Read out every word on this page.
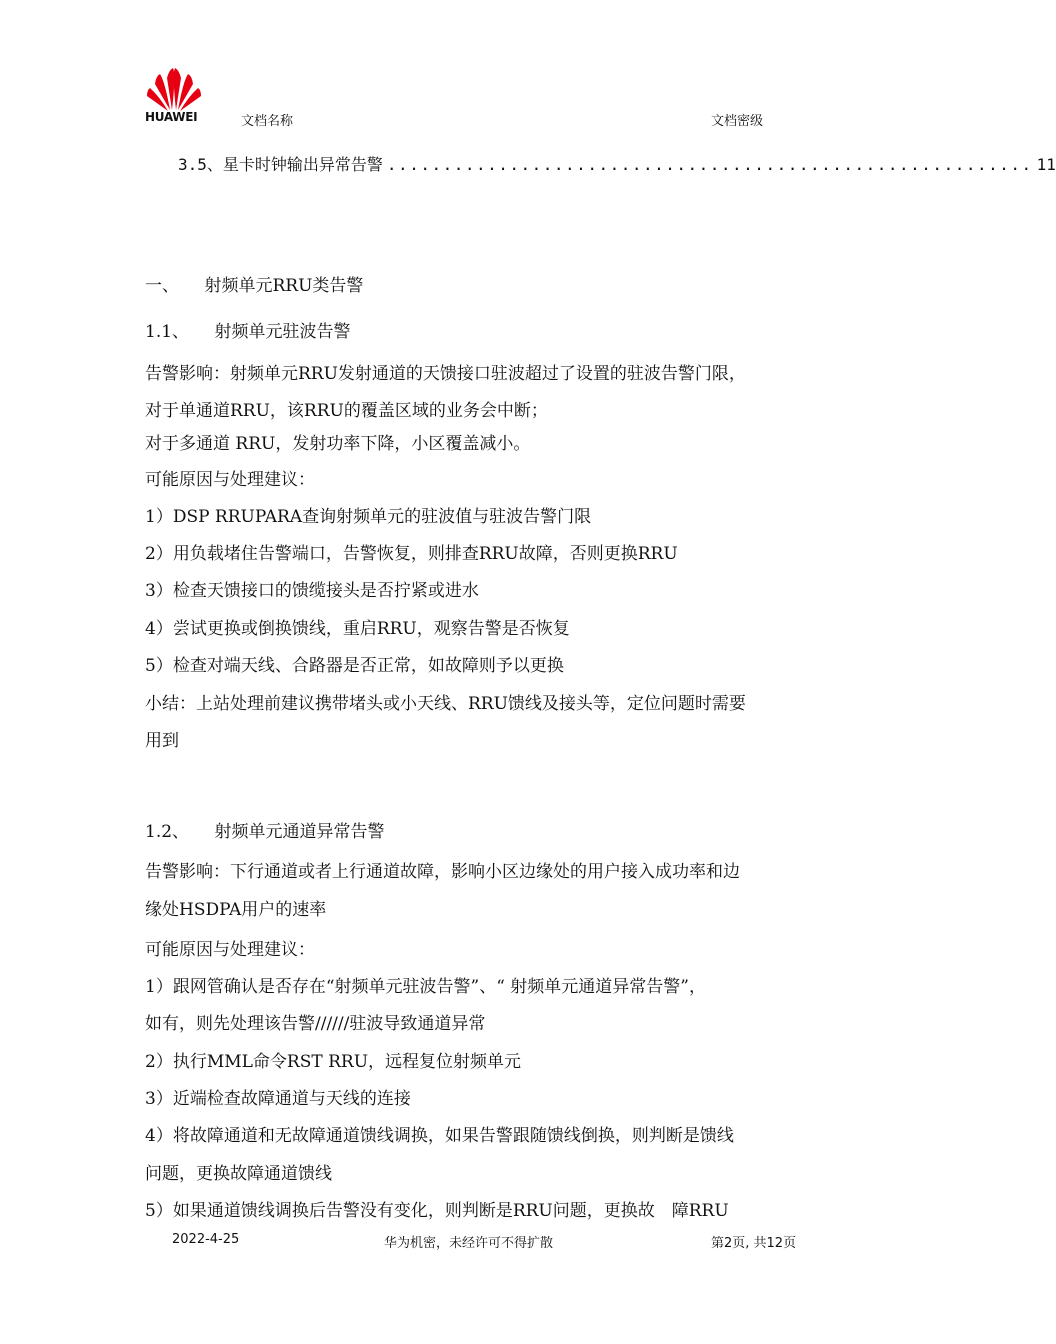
HUAWEI	文档名称	文档密级
3.5、 星卡时钟输出异常告警 .......................................................... 11
一、　　射频单元RRU类告警
1.1、　　射频单元驻波告警
告警影响：射频单元RRU发射通道的天馈接口驻波超过了设置的驻波告警门限，
对于单通道RRU，该RRU的覆盖区域的业务会中断；
对于多通道 RRU，发射功率下降，小区覆盖减小。
可能原因与处理建议：
1）DSP RRUPARA查询射频单元的驻波值与驻波告警门限
2）用负载堵住告警端口，告警恢复，则排查RRU故障，否则更换RRU
3）检查天馈接口的馈缆接头是否拧紧或进水
4）尝试更换或倒换馈线，重启RRU，观察告警是否恢复
5）检查对端天线、合路器是否正常，如故障则予以更换
小结：上站处理前建议携带堵头或小天线、RRU馈线及接头等，定位问题时需要
用到
1.2、　　射频单元通道异常告警
告警影响：下行通道或者上行通道故障，影响小区边缘处的用户接入成功率和边
缘处HSDPA用户的速率
可能原因与处理建议：
1）跟网管确认是否存在“射频单元驻波告警”、“ 射频单元通道异常告警”，
如有，则先处理该告警//////驻波导致通道异常
2）执行MML命令RST RRU，远程复位射频单元
3）近端检查故障通道与天线的连接
4）将故障通道和无故障通道馈线调换，如果告警跟随馈线倒换，则判断是馈线
问题，更换故障通道馈线
5）如果通道馈线调换后告警没有变化，则判断是RRU问题，更换故　障RRU
2022-4-25	华为机密，未经许可不得扩散	第2页, 共12页
